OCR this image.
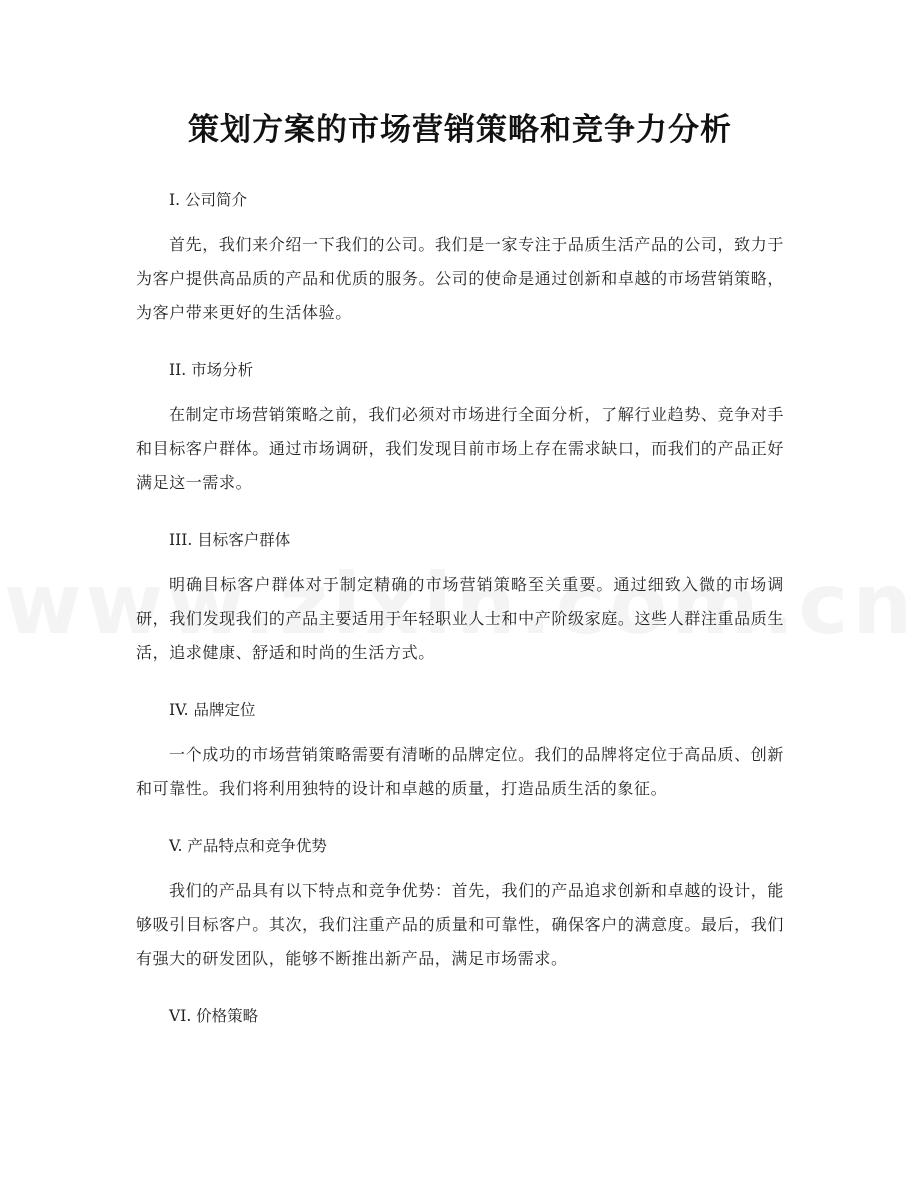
策划方案的市场营销策略和竞争力分析
I. 公司简介
首先，我们来介绍一下我们的公司。我们是一家专注于品质生活产品的公司，致力于为客户提供高品质的产品和优质的服务。公司的使命是通过创新和卓越的市场营销策略，为客户带来更好的生活体验。
II. 市场分析
在制定市场营销策略之前，我们必须对市场进行全面分析，了解行业趋势、竞争对手和目标客户群体。通过市场调研，我们发现目前市场上存在需求缺口，而我们的产品正好满足这一需求。
III. 目标客户群体
明确目标客户群体对于制定精确的市场营销策略至关重要。通过细致入微的市场调研，我们发现我们的产品主要适用于年轻职业人士和中产阶级家庭。这些人群注重品质生活，追求健康、舒适和时尚的生活方式。
IV. 品牌定位
一个成功的市场营销策略需要有清晰的品牌定位。我们的品牌将定位于高品质、创新和可靠性。我们将利用独特的设计和卓越的质量，打造品质生活的象征。
V. 产品特点和竞争优势
我们的产品具有以下特点和竞争优势：首先，我们的产品追求创新和卓越的设计，能够吸引目标客户。其次，我们注重产品的质量和可靠性，确保客户的满意度。最后，我们有强大的研发团队，能够不断推出新产品，满足市场需求。
VI. 价格策略
